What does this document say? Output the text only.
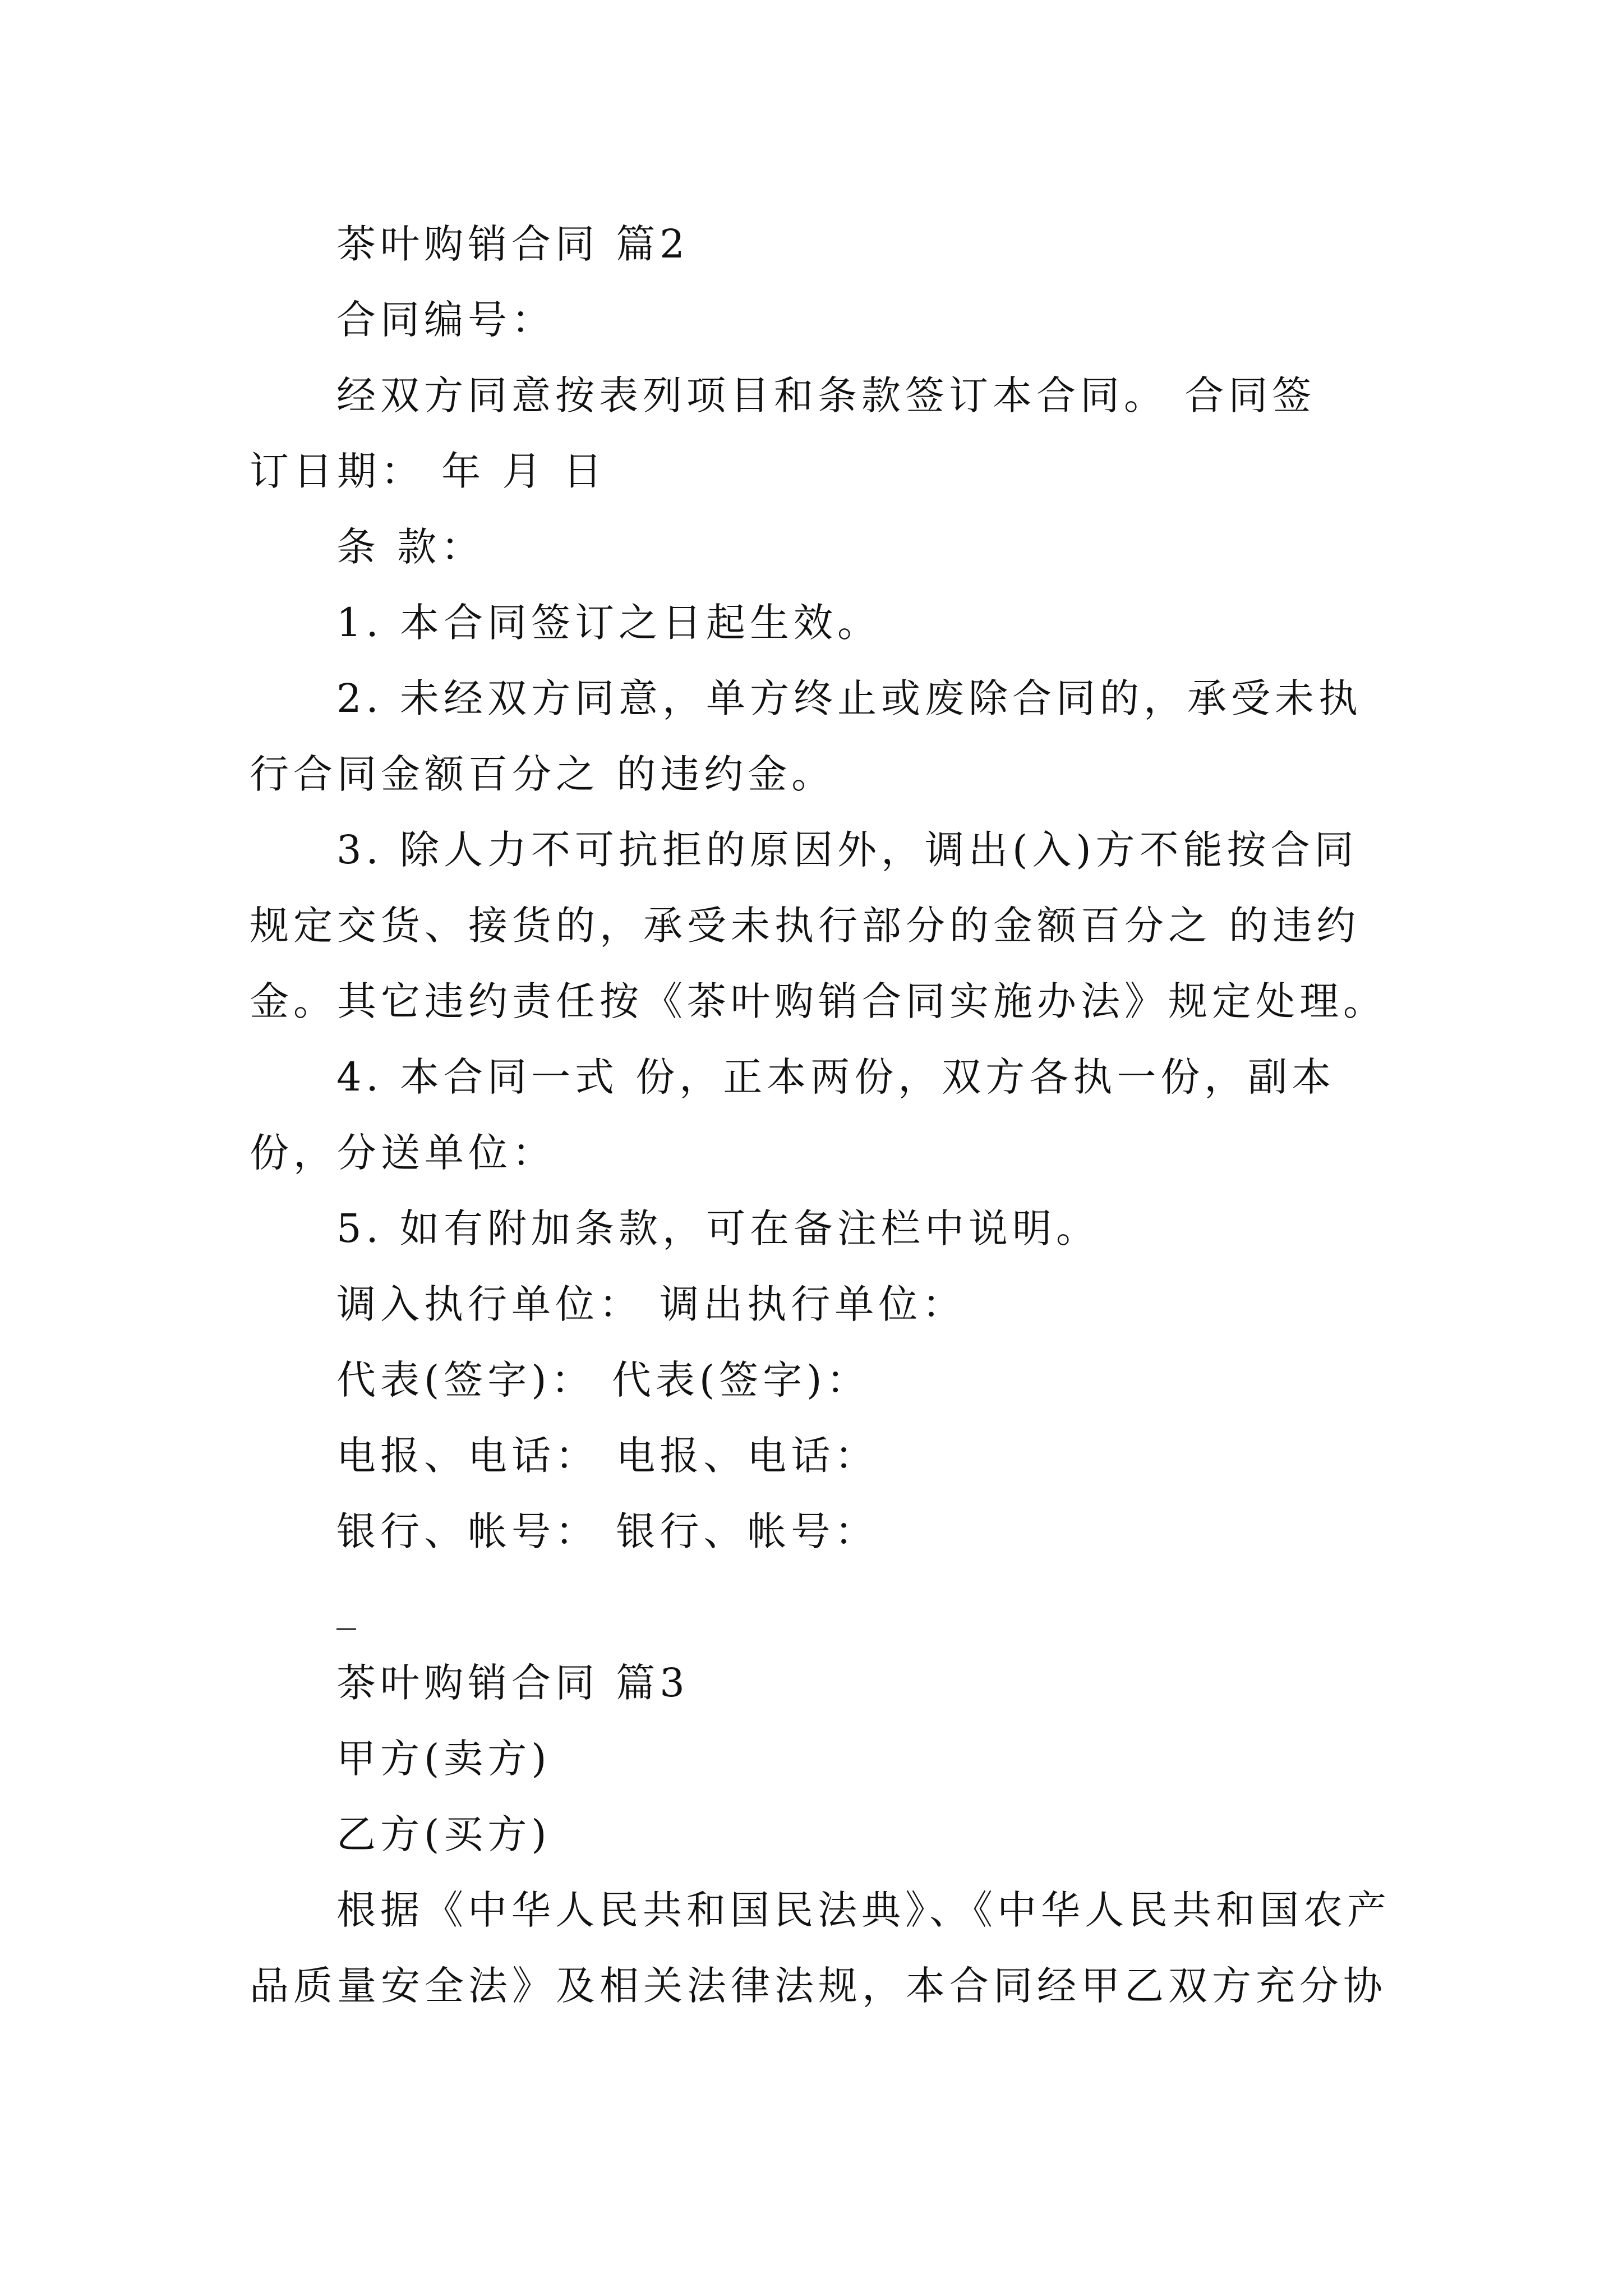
茶叶购销合同 篇2
合同编号：
经双方同意按表列项目和条款签订本合同。 合同签
订日期： 年 月 日
条 款：
1. 本合同签订之日起生效。
2. 未经双方同意，单方终止或废除合同的，承受未执
行合同金额百分之 的违约金。
3. 除人力不可抗拒的原因外，调出(入)方不能按合同
规定交货、接货的，承受未执行部分的金额百分之 的违约
金。其它违约责任按《茶叶购销合同实施办法》规定处理。
4. 本合同一式 份，正本两份，双方各执一份，副本
份，分送单位：
5. 如有附加条款，可在备注栏中说明。
调入执行单位： 调出执行单位：
代表(签字)： 代表(签字)：
电报、电话： 电报、电话：
银行、帐号： 银行、帐号：
_
茶叶购销合同 篇3
甲方(卖方)
乙方(买方)
根据《中华人民共和国民法典》、《中华人民共和国农产
品质量安全法》及相关法律法规，本合同经甲乙双方充分协
